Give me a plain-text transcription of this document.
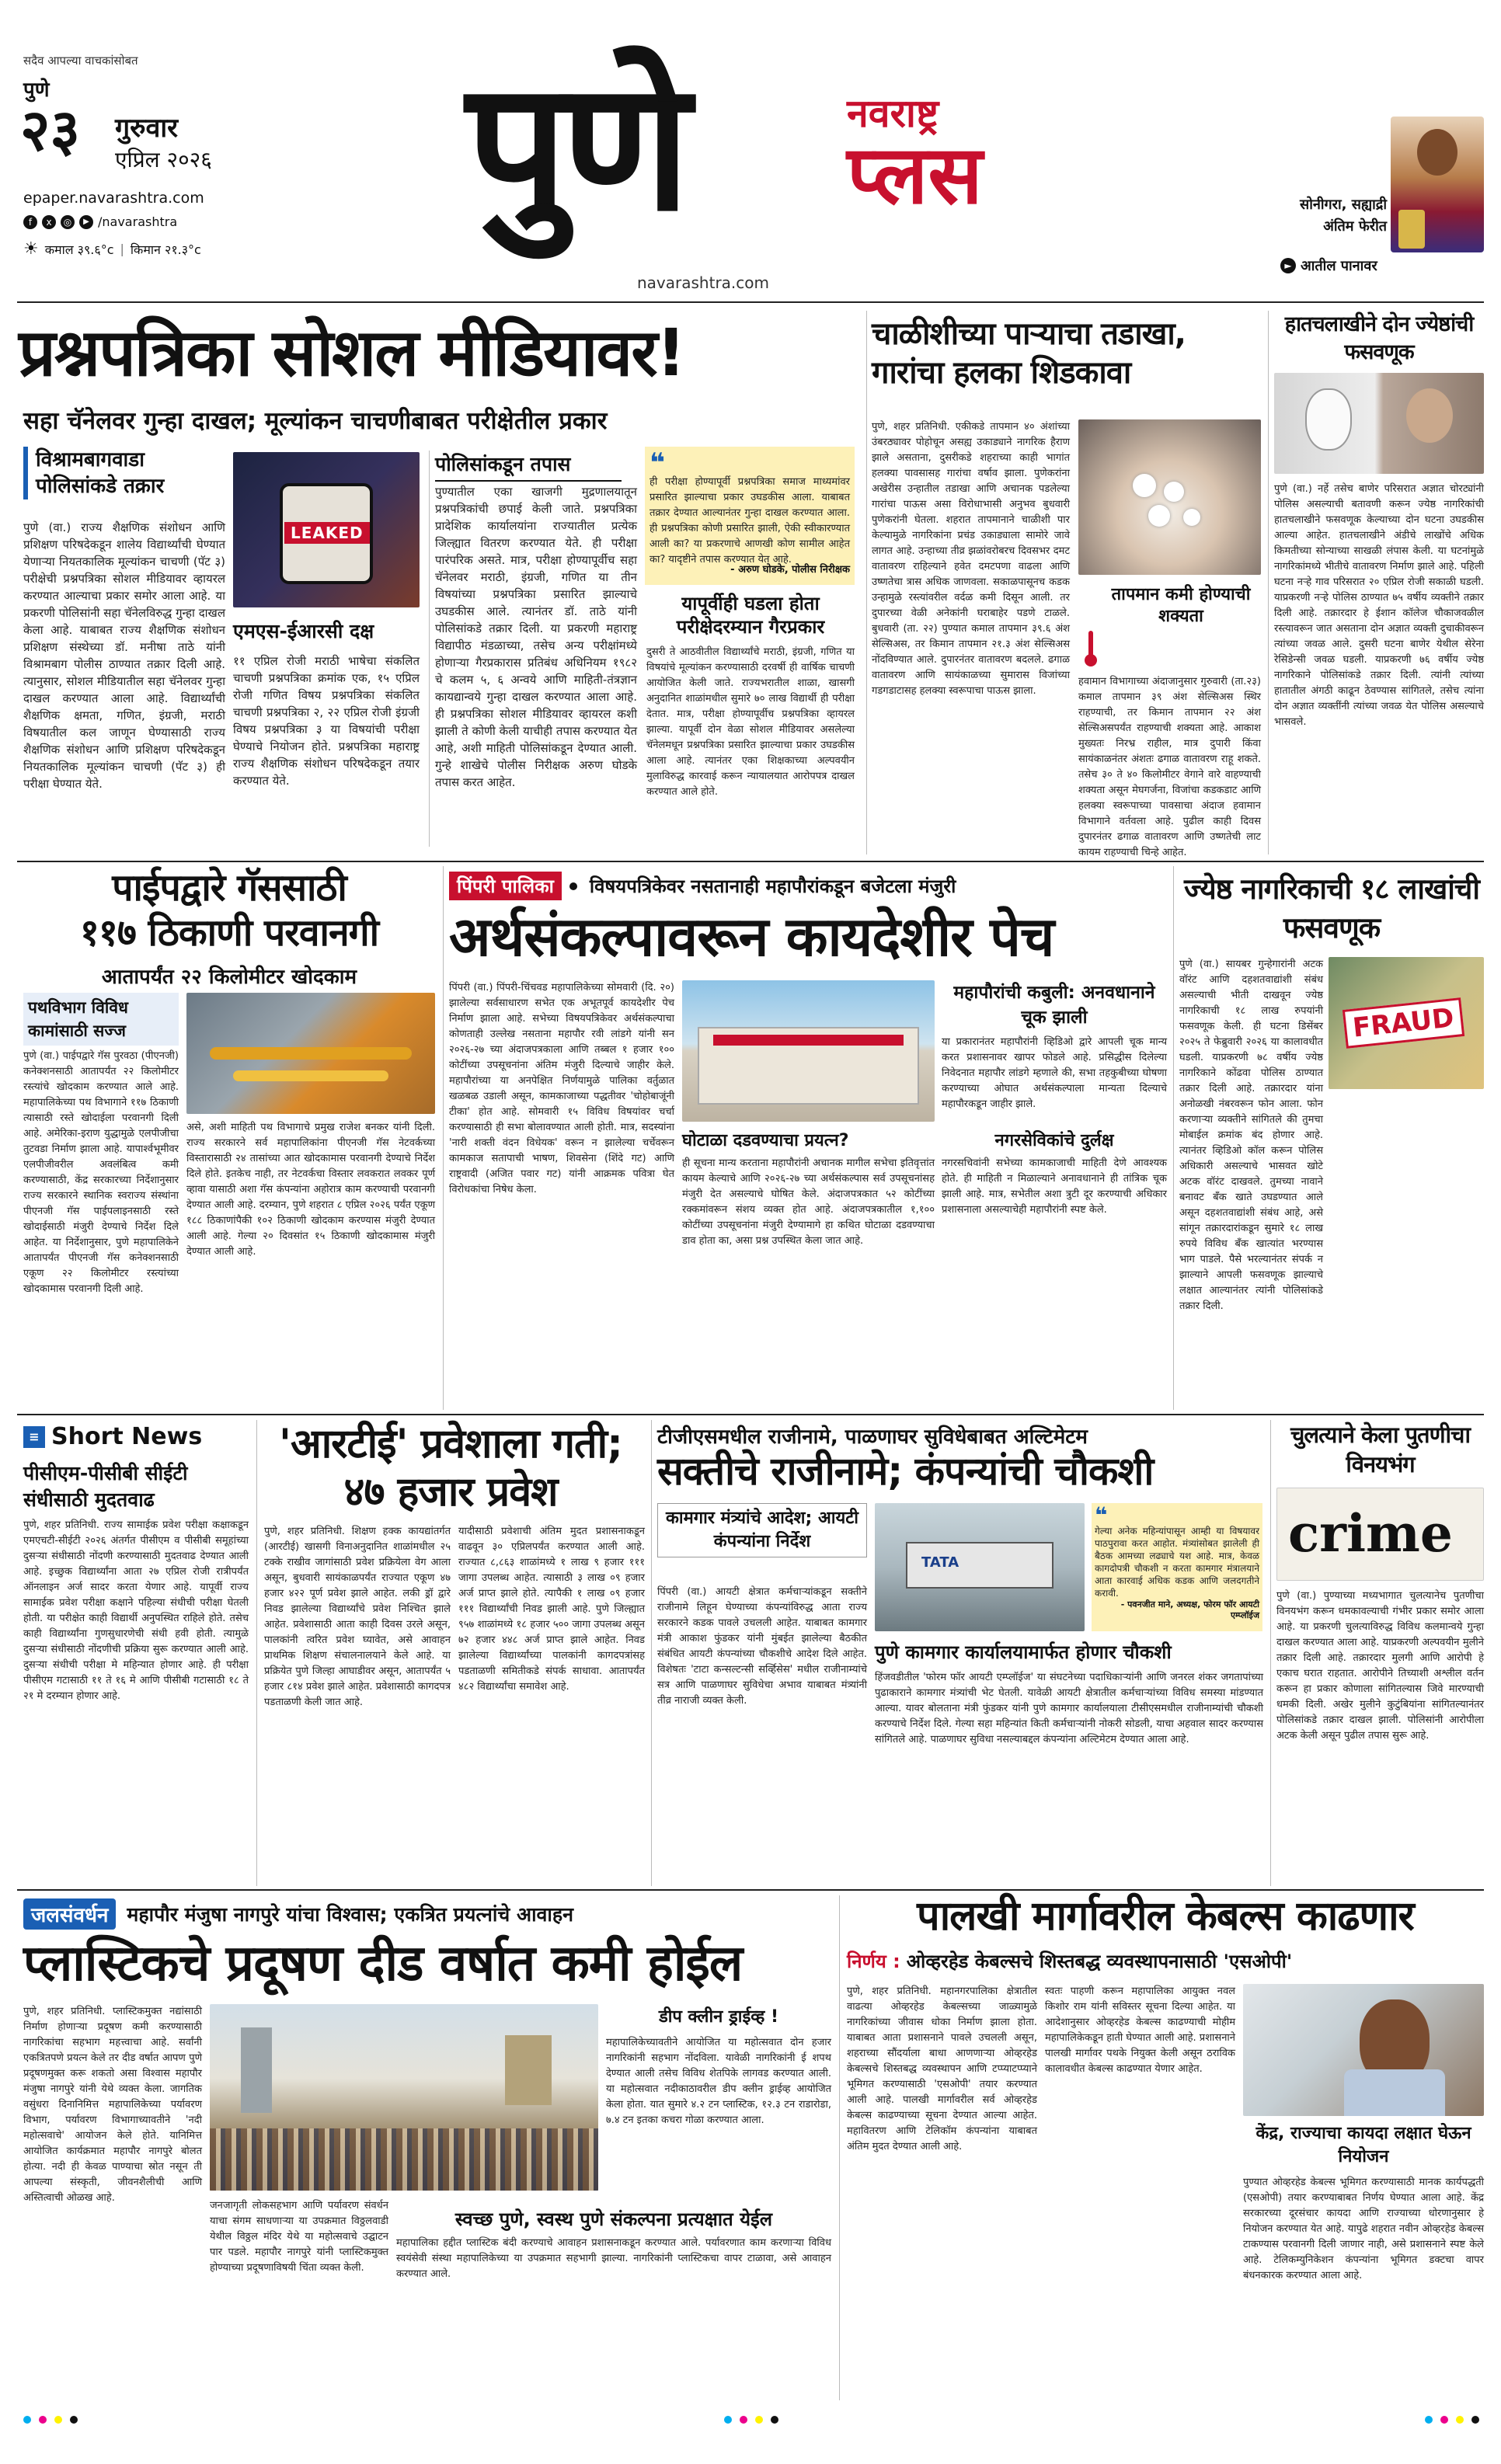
सदैव आपल्या वाचकांसोबत
पुणे
२३ गुरुवार
एप्रिल २०२६
epaper.navarashtra.com
f	x	◎	▶ /navarashtra
☀ कमाल ३९.६°c | किमान २१.३°c पुणे	नवराष्ट्र
प्लस
navarashtra.com
सोनीगरा, सह्याद्री अंतिम फेरीत
► आतील पानावर
प्रश्नपत्रिका सोशल मीडियावर!
सहा चॅनेलवर गुन्हा दाखल; मूल्यांकन चाचणीबाबत परीक्षेतील प्रकार
विश्रामबागवाडा पोलिसांकडे तक्रार
पुणे (वा.) राज्य शैक्षणिक संशोधन आणि प्रशिक्षण परिषदेकडून शालेय विद्यार्थ्यांची घेण्यात येणाऱ्या नियतकालिक मूल्यांकन चाचणी (पॅट ३) परीक्षेची प्रश्नपत्रिका सोशल मीडियावर व्हायरल करण्यात आल्याचा प्रकार समोर आला आहे. या प्रकरणी पोलिसांनी सहा चॅनेलविरुद्ध गुन्हा दाखल केला आहे. याबाबत राज्य शैक्षणिक संशोधन प्रशिक्षण संस्थेच्या डॉ. मनीषा ताठे यांनी विश्रामबाग पोलीस ठाण्यात तक्रार दिली आहे. त्यानुसार, सोशल मीडियातील सहा चॅनेलवर गुन्हा दाखल करण्यात आला आहे. विद्यार्थ्यांची शैक्षणिक क्षमता, गणित, इंग्रजी, मराठी विषयातील कल जाणून घेण्यासाठी राज्य शैक्षणिक संशोधन आणि प्रशिक्षण परिषदेकडून नियतकालिक मूल्यांकन चाचणी (पॅट ३) ही परीक्षा घेण्यात येते.
LEAKED
एमएस-ईआरसी दक्ष
११ एप्रिल रोजी मराठी भाषेचा संकलित चाचणी प्रश्नपत्रिका क्रमांक एक, १५ एप्रिल रोजी गणित विषय प्रश्नपत्रिका संकलित चाचणी प्रश्नपत्रिका २, २२ एप्रिल रोजी इंग्रजी विषय प्रश्नपत्रिका ३ या विषयांची परीक्षा घेण्याचे नियोजन होते. प्रश्नपत्रिका महाराष्ट्र राज्य शैक्षणिक संशोधन परिषदेकडून तयार करण्यात येते.
पोलिसांकडून तपास
पुण्यातील एका खाजगी मुद्रणालयातून प्रश्नपत्रिकांची छपाई केली जाते. प्रश्नपत्रिका प्रादेशिक कार्यालयांना राज्यातील प्रत्येक जिल्ह्यात वितरण करण्यात येते. ही परीक्षा पारंपरिक असते. मात्र, परीक्षा होण्यापूर्वीच सहा चॅनेलवर मराठी, इंग्रजी, गणित या तीन विषयांच्या प्रश्नपत्रिका प्रसारित झाल्याचे उघडकीस आले. त्यानंतर डॉ. ताठे यांनी पोलिसांकडे तक्रार दिली. या प्रकरणी महाराष्ट्र विद्यापीठ मंडळाच्या, तसेच अन्य परीक्षांमध्ये होणाऱ्या गैरप्रकारास प्रतिबंध अधिनियम १९८२ चे कलम ५, ६ अन्वये आणि माहिती-तंत्रज्ञान कायद्यान्वये गुन्हा दाखल करण्यात आला आहे. ही प्रश्नपत्रिका सोशल मीडियावर व्हायरल कशी झाली ते कोणी केली याचीही तपास करण्यात येत आहे, अशी माहिती पोलिसांकडून देण्यात आली. गुन्हे शाखेचे पोलीस निरीक्षक अरुण घोडके तपास करत आहेत.
❝
ही परीक्षा होण्यापूर्वी प्रश्नपत्रिका समाज माध्यमांवर प्रसारित झाल्याचा प्रकार उघडकीस आला. याबाबत तक्रार देण्यात आल्यानंतर गुन्हा दाखल करण्यात आला. ही प्रश्नपत्रिका कोणी प्रसारित झाली, ऐकी स्वीकारण्यात आली का? या प्रकरणाचे आणखी कोण सामील आहेत का? यादृष्टीने तपास करण्यात येत आहे.
- अरुण घोडके, पोलीस निरीक्षक
यापूर्वीही घडला होता परीक्षेदरम्यान गैरप्रकार
दुसरी ते आठवीतील विद्यार्थ्यांचे मराठी, इंग्रजी, गणित या विषयांचे मूल्यांकन करण्यासाठी दरवर्षी ही वार्षिक चाचणी आयोजित केली जाते. राज्यभरातील शाळा, खासगी अनुदानित शाळांमधील सुमारे ७० लाख विद्यार्थी ही परीक्षा देतात. मात्र, परीक्षा होण्यापूर्वीच प्रश्नपत्रिका व्हायरल झाल्या. यापूर्वी दोन वेळा सोशल मीडियावर असलेल्या चॅनेलमधून प्रश्नपत्रिका प्रसारित झाल्याचा प्रकार उघडकीस आला आहे. त्यानंतर एका शिक्षकाच्या अल्पवयीन मुलाविरुद्ध कारवाई करून न्यायालयात आरोपपत्र दाखल करण्यात आले होते.
चाळीशीच्या पाऱ्याचा तडाखा, गारांचा हलका शिडकावा
पुणे, शहर प्रतिनिधी. एकीकडे तापमान ४० अंशांच्या उंबरठ्यावर पोहोचून असह्य उकाड्याने नागरिक हैराण झाले असताना, दुसरीकडे शहराच्या काही भागांत हलक्या पावसासह गारांचा वर्षाव झाला. पुणेकरांना अखेरीस उन्हातील तडाखा आणि अचानक पडलेल्या गारांचा पाऊस असा विरोधाभासी अनुभव बुधवारी पुणेकरांनी घेतला. शहरात तापमानाने चाळीशी पार केल्यामुळे नागरिकांना प्रचंड उकाड्याला सामोरे जावे लागत आहे. उन्हाच्या तीव्र झळांवरोबरच दिवसभर दमट वातावरण राहिल्याने हवेत दमटपणा वाढला आणि उष्णतेचा त्रास अधिक जाणवला. सकाळपासूनच कडक उन्हामुळे रस्त्यांवरील वर्दळ कमी दिसून आली. तर दुपारच्या वेळी अनेकांनी घराबाहेर पडणे टाळले. बुधवारी (ता. २२) पुण्यात कमाल तापमान ३९.६ अंश सेल्सिअस, तर किमान तापमान २१.३ अंश सेल्सिअस नोंदविण्यात आले. दुपारनंतर वातावरण बदलले. ढगाळ वातावरण आणि सायंकाळच्या सुमारास विजांच्या गडगडाटासह हलक्या स्वरूपाचा पाऊस झाला.
तापमान कमी होण्याची शक्यता
हवामान विभागाच्या अंदाजानुसार गुरुवारी (ता.२३) कमाल तापमान ३९ अंश सेल्सिअस स्थिर राहण्याची, तर किमान तापमान २२ अंश सेल्सिअसपर्यंत राहण्याची शक्यता आहे. आकाश मुख्यतः निरभ्र राहील, मात्र दुपारी किंवा सायंकाळनंतर अंशतः ढगाळ वातावरण राहू शकते. तसेच ३० ते ४० किलोमीटर वेगाने वारे वाहण्याची शक्यता असून मेघगर्जना, विजांचा कडकडाट आणि हलक्या स्वरूपाच्या पावसाचा अंदाज हवामान विभागाने वर्तवला आहे. पुढील काही दिवस दुपारनंतर ढगाळ वातावरण आणि उष्णतेची लाट कायम राहण्याची चिन्हे आहेत.
हातचलाखीने दोन ज्येष्ठांची फसवणूक
पुणे (वा.) नर्हे तसेच बाणेर परिसरात अज्ञात चोरट्यांनी पोलिस असल्याची बतावणी करून ज्येष्ठ नागरिकांची हातचलाखीने फसवणूक केल्याच्या दोन घटना उघडकीस आल्या आहेत. हातचलाखीने अंडीचे लाखोंचे अधिक किमतीच्या सोन्याच्या साखळी लंपास केली. या घटनांमुळे नागरिकांमध्ये भीतीचे वातावरण निर्माण झाले आहे. पहिली घटना नऱ्हे गाव परिसरात २० एप्रिल रोजी सकाळी घडली. याप्रकरणी नऱ्हे पोलिस ठाण्यात ७५ वर्षीय व्यक्तीने तक्रार दिली आहे. तक्रारदार हे ईशान कॉलेज चौकाजवळील रस्त्यावरून जात असताना दोन अज्ञात व्यक्ती दुचाकीवरून त्यांच्या जवळ आले. दुसरी घटना बाणेर येथील सेरेना रेसिडेन्सी जवळ घडली. याप्रकरणी ७६ वर्षीय ज्येष्ठ नागरिकाने पोलिसांकडे तक्रार दिली. त्यांनी त्यांच्या हातातील अंगठी काढून ठेवण्यास सांगितले, तसेच त्यांना दोन अज्ञात व्यक्तींनी त्यांच्या जवळ येत पोलिस असल्याचे भासवले.
पाईपद्वारे गॅससाठी
११७ ठिकाणी परवानगी
आतापर्यंत २२ किलोमीटर खोदकाम
पथविभाग विविध कामांसाठी सज्ज
पुणे (वा.) पाईपद्वारे गॅस पुरवठा (पीएनजी) कनेक्शनसाठी आतापर्यंत २२ किलोमीटर रस्त्यांचे खोदकाम करण्यात आले आहे. महापालिकेच्या पथ विभागाने ११७ ठिकाणी त्यासाठी रस्ते खोदाईला परवानगी दिली आहे. अमेरिका-इराण युद्धामुळे एलपीजीचा तुटवडा निर्माण झाला आहे. यापार्श्वभूमीवर एलपीजीवरील अवलंबित्व कमी करण्यासाठी, केंद्र सरकारच्या निर्देशानुसार राज्य सरकारने स्थानिक स्वराज्य संस्थांना पीएनजी गॅस पाईपलाइनसाठी रस्ते खोदाईसाठी मंजुरी देण्याचे निर्देश दिले आहेत. या निर्देशानुसार, पुणे महापालिकेने आतापर्यंत पीएनजी गॅस कनेक्शनसाठी एकूण २२ किलोमीटर रस्त्यांच्या खोदकामास परवानगी दिली आहे.
असे, अशी माहिती पथ विभागाचे प्रमुख राजेश बनकर यांनी दिली. राज्य सरकारने सर्व महापालिकांना पीएनजी गॅस नेटवर्कच्या विस्तारासाठी २४ तासांच्या आत खोदकामास परवानगी देण्याचे निर्देश दिले होते. इतकेच नाही, तर नेटवर्कचा विस्तार लवकरात लवकर पूर्ण व्हावा यासाठी अशा गॅस कंपन्यांना अहोरात्र काम करण्याची परवानगी देण्यात आली आहे. दरम्यान, पुणे शहरात ८ एप्रिल २०२६ पर्यंत एकूण १८८ ठिकाणांपैकी १०२ ठिकाणी खोदकाम करण्यास मंजुरी देण्यात आली आहे. गेल्या २० दिवसांत १५ ठिकाणी खोदकामास मंजुरी देण्यात आली आहे.
पिंपरी पालिका	विषयपत्रिकेवर नसतानाही महापौरांकडून बजेटला मंजुरी
अर्थसंकल्पावरून कायदेशीर पेच
पिंपरी (वा.) पिंपरी-चिंचवड महापालिकेच्या सोमवारी (दि. २०) झालेल्या सर्वसाधारण सभेत एक अभूतपूर्व कायदेशीर पेच निर्माण झाला आहे. सभेच्या विषयपत्रिकेवर अर्थसंकल्पाचा कोणताही उल्लेख नसताना महापौर रवी लांडगे यांनी सन २०२६-२७ च्या अंदाजपत्रकाला आणि तब्बल १ हजार १०० कोटींच्या उपसूचनांना अंतिम मंजुरी दिल्याचे जाहीर केले. महापौरांच्या या अनपेक्षित निर्णयामुळे पालिका वर्तुळात खळबळ उडाली असून, कामकाजाच्या पद्धतीवर 'चोहोबाजूंनी टीका' होत आहे. सोमवारी १५ विविध विषयांवर चर्चा करण्यासाठी ही सभा बोलावण्यात आली होती. मात्र, सदस्यांना 'नारी शक्ती वंदन विधेयक' वरून न झालेल्या चर्चेवरून कामकाज सतापाची भाषण, शिवसेना (शिंदे गट) आणि राष्ट्रवादी (अजित पवार गट) यांनी आक्रमक पवित्रा घेत विरोधकांचा निषेध केला.
महापौरांची कबुली: अनवधानाने चूक झाली
या प्रकारानंतर महापौरांनी व्हिडिओ द्वारे आपली चूक मान्य करत प्रशासनावर खापर फोडले आहे. प्रसिद्धीस दिलेल्या निवेदनात महापौर लांडगे म्हणाले की, सभा तहकुबीच्या घोषणा करण्याच्या ओघात अर्थसंकल्पाला मान्यता दिल्याचे महापौरकडून जाहीर झाले.
घोटाळा दडवण्याचा प्रयत्न?
ही सूचना मान्य करताना महापौरांनी अचानक मागील सभेचा इतिवृत्तांत कायम केल्याचे आणि २०२६-२७ च्या अर्थसंकल्पास सर्व उपसूचनांसह मंजुरी देत असल्याचे घोषित केले. अंदाजपत्रकात ५२ कोटींच्या रक्कमांवरून संशय व्यक्त होत आहे. अंदाजपत्रकातील १,१०० कोटींच्या उपसूचनांना मंजुरी देण्यामागे हा कथित घोटाळा दडवण्याचा डाव होता का, असा प्रश्न उपस्थित केला जात आहे.
नगरसेविकांचे दुर्लक्ष
नगरसचिवांनी सभेच्या कामकाजाची माहिती देणे आवश्यक होते. ही माहिती न मिळाल्याने अनावधानाने ही तांत्रिक चूक झाली आहे. मात्र, सभेतील अशा त्रुटी दूर करण्याची अधिकार प्रशासनाला असल्याचेही महापौरांनी स्पष्ट केले.
ज्येष्ठ नागरिकाची १८ लाखांची फसवणूक
FRAUD
पुणे (वा.) सायबर गुन्हेगारांनी अटक वॉरंट आणि दहशतवाद्यांशी संबंध असल्याची भीती दाखवून ज्येष्ठ नागरिकाची १८ लाख रुपयांनी फसवणूक केली. ही घटना डिसेंबर २०२५ ते फेब्रुवारी २०२६ या कालावधीत घडली. याप्रकरणी ७८ वर्षीय ज्येष्ठ नागरिकाने कोंढवा पोलिस ठाण्यात तक्रार दिली आहे. तक्रारदार यांना अनोळखी नंबरवरून फोन आला. फोन करणाऱ्या व्यक्तीने सांगितले की तुमचा मोबाईल क्रमांक बंद होणार आहे. त्यानंतर व्हिडिओ कॉल करून पोलिस अधिकारी असल्याचे भासवत खोटे अटक वॉरंट दाखवले. तुमच्या नावाने बनावट बँक खाते उघडण्यात आले असून दहशतवाद्यांशी संबंध आहे, असे सांगून तक्रारदारांकडून सुमारे १८ लाख रुपये विविध बँक खात्यांत भरण्यास भाग पाडले. पैसे भरल्यानंतर संपर्क न झाल्याने आपली फसवणूक झाल्याचे लक्षात आल्यानंतर त्यांनी पोलिसांकडे तक्रार दिली.
≡ Short News
पीसीएम-पीसीबी सीईटी संधीसाठी मुदतवाढ
पुणे, शहर प्रतिनिधी. राज्य सामाईक प्रवेश परीक्षा कक्षाकडून एमएचटी-सीईटी २०२६ अंतर्गत पीसीएम व पीसीबी समूहांच्या दुसऱ्या संधीसाठी नोंदणी करण्यासाठी मुदतवाढ देण्यात आली आहे. इच्छुक विद्यार्थ्यांना आता २७ एप्रिल रोजी रात्रीपर्यंत ऑनलाइन अर्ज सादर करता येणार आहे. यापूर्वी राज्य सामाईक प्रवेश परीक्षा कक्षाने पहिल्या संधीची परीक्षा घेतली होती. या परीक्षेत काही विद्यार्थी अनुपस्थित राहिले होते. तसेच काही विद्यार्थ्यांना गुणसुधारणेची संधी हवी होती. त्यामुळे दुसऱ्या संधीसाठी नोंदणीची प्रक्रिया सुरू करण्यात आली आहे. दुसऱ्या संधीची परीक्षा मे महिन्यात होणार आहे. ही परीक्षा पीसीएम गटासाठी ११ ते १६ मे आणि पीसीबी गटासाठी १८ ते २१ मे दरम्यान होणार आहे.
'आरटीई' प्रवेशाला गती; ४७ हजार प्रवेश
पुणे, शहर प्रतिनिधी. शिक्षण हक्क कायद्यांतर्गत (आरटीई) खासगी विनाअनुदानित शाळांमधील २५ टक्के राखीव जागांसाठी प्रवेश प्रक्रियेला वेग आला असून, बुधवारी सायंकाळपर्यंत राज्यात एकूण ४७ हजार ४२२ पूर्ण प्रवेश झाले आहेत. लकी ड्रॉ द्वारे निवड झालेल्या विद्यार्थ्यांचे प्रवेश निश्चित झाले आहेत. प्रवेशासाठी आता काही दिवस उरले असून, पालकांनी त्वरित प्रवेश घ्यावेत, असे आवाहन प्राथमिक शिक्षण संचालनालयाने केले आहे. या प्रक्रियेत पुणे जिल्हा आघाडीवर असून, आतापर्यंत ५ हजार ८१४ प्रवेश झाले आहेत. प्रवेशासाठी कागदपत्र पडताळणी केली जात आहे.
यादीसाठी प्रवेशाची अंतिम मुदत प्रशासनाकडून वाढवून ३० एप्रिलपर्यंत करण्यात आली आहे. राज्यात ८,८६३ शाळांमध्ये १ लाख ९ हजार १११ जागा उपलब्ध आहेत. त्यासाठी ३ लाख ०९ हजार अर्ज प्राप्त झाले होते. त्यापैकी १ लाख ०९ हजार १११ विद्यार्थ्यांची निवड झाली आहे. पुणे जिल्ह्यात ९५७ शाळांमध्ये १८ हजार ५०० जागा उपलब्ध असून ७२ हजार ४४८ अर्ज प्राप्त झाले आहेत. निवड झालेल्या विद्यार्थ्यांच्या पालकांनी कागदपत्रांसह पडताळणी समितीकडे संपर्क साधावा. आतापर्यंत ४८२ विद्यार्थ्यांचा समावेश आहे.
टीजीएसमधील राजीनामे, पाळणाघर सुविधेबाबत अल्टिमेटम
सक्तीचे राजीनामे; कंपन्यांची चौकशी
कामगार मंत्र्यांचे आदेश; आयटी कंपन्यांना निर्देश
पिंपरी (वा.) आयटी क्षेत्रात कर्मचाऱ्यांकडून सक्तीने राजीनामे लिहून घेण्याच्या कंपन्यांविरुद्ध आता राज्य सरकारने कडक पावले उचलली आहेत. याबाबत कामगार मंत्री आकाश फुंडकर यांनी मुंबईत झालेल्या बैठकीत संबंधित आयटी कंपन्यांच्या चौकशीचे आदेश दिले आहेत. विशेषतः 'टाटा कन्सल्टन्सी सर्व्हिसेस' मधील राजीनाम्यांचे सत्र आणि पाळणाघर सुविधेचा अभाव याबाबत मंत्र्यांनी तीव्र नाराजी व्यक्त केली.
TATA
❝
गेल्या अनेक महिन्यांपासून आम्ही या विषयावर पाठपुरावा करत आहोत. मंत्र्यांसोबत झालेली ही बैठक आमच्या लढ्याचे यश आहे. मात्र, केवळ कागदोपत्री चौकशी न करता कामगार मंत्रालयाने आता कारवाई अधिक कडक आणि जलदगतीने करावी.
- पवनजीत माने, अध्यक्ष, फोरम फॉर आयटी एम्प्लॉईज
पुणे कामगार कार्यालयामार्फत होणार चौकशी
हिंजवडीतील 'फोरम फॉर आयटी एम्प्लॉईज' या संघटनेच्या पदाधिकाऱ्यांनी आणि जनरल शंकर जगतापांच्या पुढाकाराने कामगार मंत्र्यांची भेट घेतली. यावेळी आयटी क्षेत्रातील कर्मचाऱ्यांच्या विविध समस्या मांडण्यात आल्या. यावर बोलताना मंत्री फुंडकर यांनी पुणे कामगार कार्यालयाला टीसीएसमधील राजीनाम्यांची चौकशी करण्याचे निर्देश दिले. गेल्या सहा महिन्यांत किती कर्मचाऱ्यांनी नोकरी सोडली, याचा अहवाल सादर करण्यास सांगितले आहे. पाळणाघर सुविधा नसल्याबद्दल कंपन्यांना अल्टिमेटम देण्यात आला आहे.
चुलत्याने केला पुतणीचा विनयभंग
crime
पुणे (वा.) पुण्याच्या मध्यभागात चुलत्यानेच पुतणीचा विनयभंग करून धमकावल्याची गंभीर प्रकार समोर आला आहे. या प्रकरणी चुलत्याविरुद्ध विविध कलमान्वये गुन्हा दाखल करण्यात आला आहे. याप्रकरणी अल्पवयीन मुलीने तक्रार दिली आहे. तक्रारदार मुलगी आणि आरोपी हे एकाच घरात राहतात. आरोपीने तिच्याशी अश्लील वर्तन करून हा प्रकार कोणाला सांगितल्यास जिवे मारण्याची धमकी दिली. अखेर मुलीने कुटुंबियांना सांगितल्यानंतर पोलिसांकडे तक्रार दाखल झाली. पोलिसांनी आरोपीला अटक केली असून पुढील तपास सुरू आहे.
जलसंवर्धन महापौर मंजुषा नागपुरे यांचा विश्वास; एकत्रित प्रयत्नांचे आवाहन
प्लास्टिकचे प्रदूषण दीड वर्षात कमी होईल
पुणे, शहर प्रतिनिधी. प्लास्टिकमुक्त नद्यांसाठी निर्माण होणाऱ्या प्रदूषण कमी करण्यासाठी नागरिकांचा सहभाग महत्त्वाचा आहे. सर्वांनी एकत्रितपणे प्रयत्न केले तर दीड वर्षात आपण पुणे प्रदूषणमुक्त करू शकतो असा विश्वास महापौर मंजुषा नागपुरे यांनी येथे व्यक्त केला. जागतिक वसुंधरा दिनानिमित्त महापालिकेच्या पर्यावरण विभाग, पर्यावरण विभागाच्यावतीने 'नदी महोत्सवाचे' आयोजन केले होते. यानिमित्त आयोजित कार्यक्रमात महापौर नागपुरे बोलत होत्या. नदी ही केवळ पाण्याचा स्रोत नसून ती आपल्या संस्कृती, जीवनशैलीची आणि अस्तित्वाची ओळख आहे.
जनजागृती लोकसहभाग आणि पर्यावरण संवर्धन याचा संगम साधणाऱ्या या उपक्रमात विठ्ठलवाडी येथील विठ्ठल मंदिर येथे या महोत्सवाचे उद्घाटन पार पडले. महापौर नागपुरे यांनी प्लास्टिकमुक्त होण्याच्या प्रदूषणाविषयी चिंता व्यक्त केली.
डीप क्लीन ड्राईव्ह !
महापालिकेच्यावतीने आयोजित या महोत्सवात दोन हजार नागरिकांनी सहभाग नोंदविला. यावेळी नागरिकांनी ई शपथ देण्यात आली तसेच विविध शेतपिके लागवड करण्यात आली. या महोत्सवात नदीकाठावरील डीप क्लीन ड्राईव्ह आयोजित केला होता. यात सुमारे ४.२ टन प्लास्टिक, १२.३ टन राडारोडा, ७.४ टन इतका कचरा गोळा करण्यात आला.
स्वच्छ पुणे, स्वस्थ पुणे संकल्पना प्रत्यक्षात येईल
महापालिका हद्दीत प्लास्टिक बंदी करण्याचे आवाहन प्रशासनाकडून करण्यात आले. पर्यावरणात काम करणाऱ्या विविध स्वयंसेवी संस्था महापालिकेच्या या उपक्रमात सहभागी झाल्या. नागरिकांनी प्लास्टिकचा वापर टाळावा, असे आवाहन करण्यात आले.
पालखी मार्गावरील केबल्स काढणार
निर्णय : ओव्हरहेड केबल्सचे शिस्तबद्ध व्यवस्थापनासाठी 'एसओपी'
पुणे, शहर प्रतिनिधी. महानगरपालिका क्षेत्रातील वाढत्या ओव्हरहेड केबल्सच्या जाळ्यामुळे नागरिकांच्या जीवास धोका निर्माण झाला होता. याबाबत आता प्रशासनाने पावले उचलली असून, शहराच्या सौंदर्याला बाधा आणणाऱ्या ओव्हरहेड केबल्सचे शिस्तबद्ध व्यवस्थापन आणि टप्प्याटप्प्याने भूमिगत करण्यासाठी 'एसओपी' तयार करण्यात आली आहे. पालखी मार्गावरील सर्व ओव्हरहेड केबल्स काढण्याच्या सूचना देण्यात आल्या आहेत. महावितरण आणि टेलिकॉम कंपन्यांना याबाबत अंतिम मुदत देण्यात आली आहे.
स्वतः पाहणी करून महापालिका आयुक्त नवल किशोर राम यांनी सविस्तर सूचना दिल्या आहेत. या आदेशानुसार ओव्हरहेड केबल्स काढण्याची मोहीम महापालिकेकडून हाती घेण्यात आली आहे. प्रशासनाने पालखी मार्गावर पथके नियुक्त केली असून ठराविक कालावधीत केबल्स काढण्यात येणार आहेत.
केंद्र, राज्याचा कायदा लक्षात घेऊन नियोजन
पुण्यात ओव्हरहेड केबल्स भूमिगत करण्यासाठी मानक कार्यपद्धती (एसओपी) तयार करण्याबाबत निर्णय घेण्यात आला आहे. केंद्र सरकारच्या दूरसंचार कायदा आणि राज्याच्या धोरणानुसार हे नियोजन करण्यात येत आहे. यापुढे शहरात नवीन ओव्हरहेड केबल्स टाकण्यास परवानगी दिली जाणार नाही, असे प्रशासनाने स्पष्ट केले आहे. टेलिकम्युनिकेशन कंपन्यांना भूमिगत डक्टचा वापर बंधनकारक करण्यात आला आहे.
